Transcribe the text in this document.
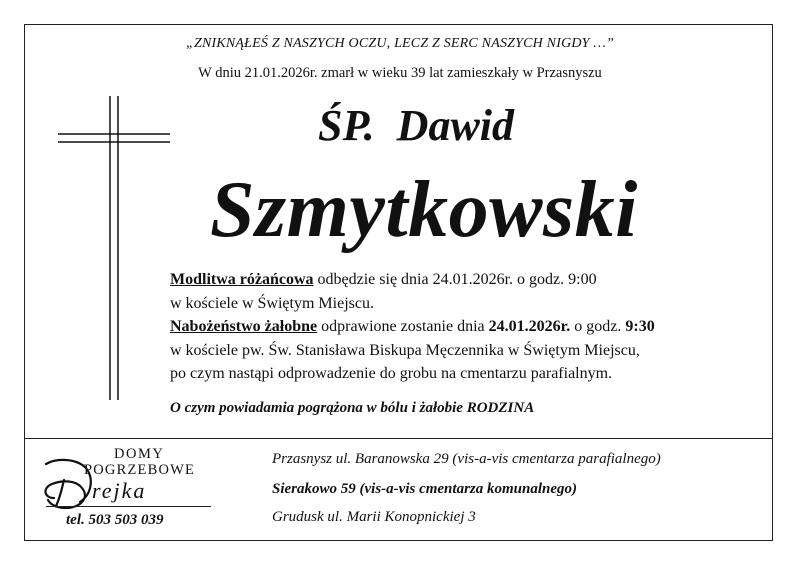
„ZNIKNĄŁEŚ Z NASZYCH OCZU, LECZ Z SERC NASZYCH NIGDY …”
W dniu 21.01.2026r. zmarł w wieku 39 lat zamieszkały w Przasnyszu
ŚP.  Dawid
Szmytkowski
Modlitwa różańcowa odbędzie się dnia 24.01.2026r. o godz. 9:00
w kościele w Świętym Miejscu.
Nabożeństwo żałobne odprawione zostanie dnia 24.01.2026r. o godz. 9:30
w kościele pw. Św. Stanisława Biskupa Męczennika w Świętym Miejscu,
po czym nastąpi odprowadzenie do grobu na cmentarzu parafialnym.
O czym powiadamia pogrążona w bólu i żałobie RODZINA
DOMY
POGRZEBOWE
rejka
tel. 503 503 039
Przasnysz ul. Baranowska 29 (vis-a-vis cmentarza parafialnego)
Sierakowo 59 (vis-a-vis cmentarza komunalnego)
Grudusk ul. Marii Konopnickiej 3
